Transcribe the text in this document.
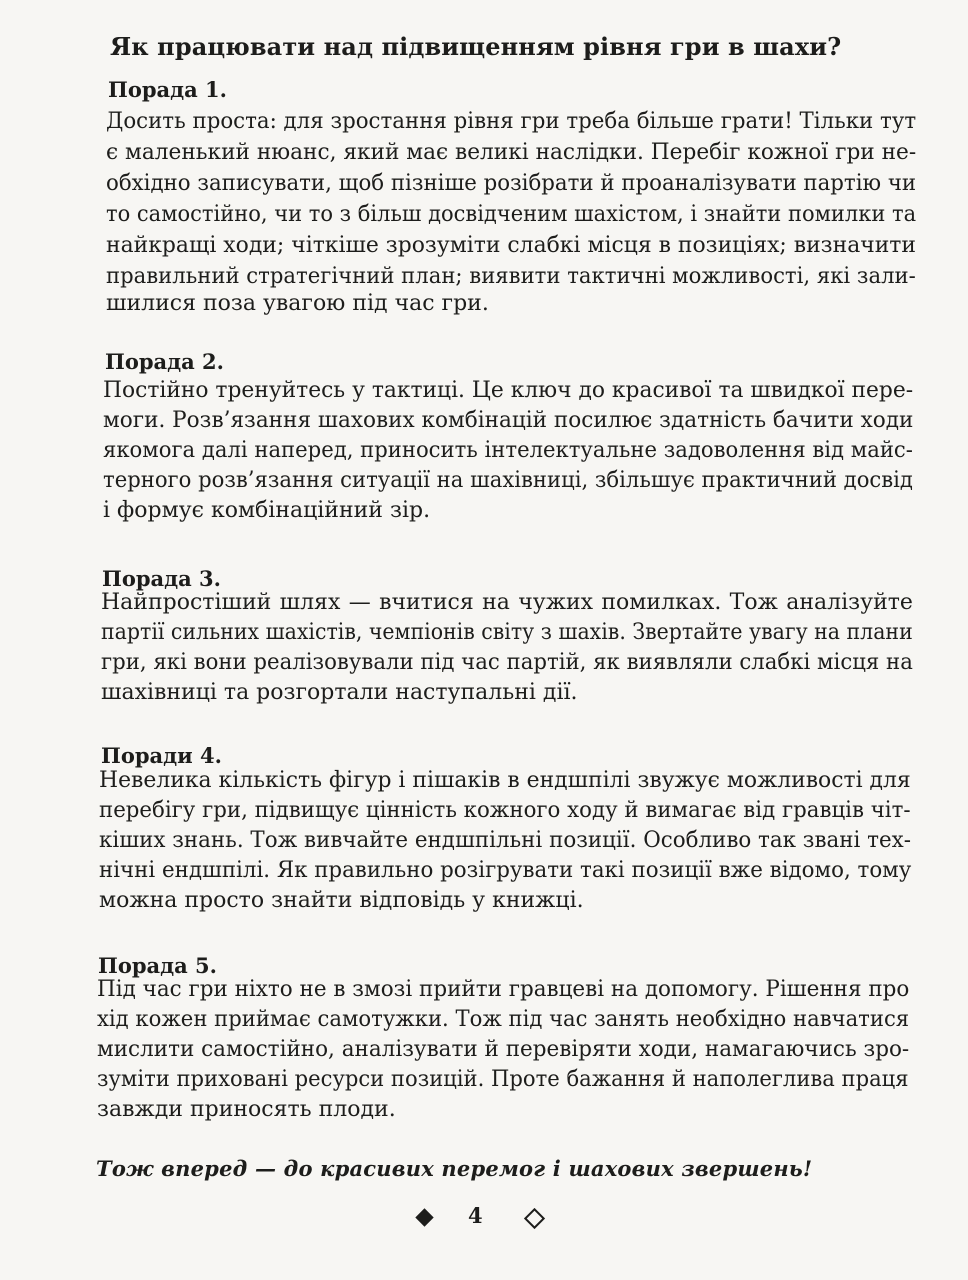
Як працювати над підвищенням рівня гри в шахи?
Порада 1.
Досить проста: для зростання рівня гри треба більше грати! Тільки тут
є маленький нюанс, який має великі наслідки. Перебіг кожної гри не-
обхідно записувати, щоб пізніше розібрати й проаналізувати партію чи
то самостійно, чи то з більш досвідченим шахістом, і знайти помилки та
найкращі ходи; чіткіше зрозуміти слабкі місця в позиціях; визначити
правильний стратегічний план; виявити тактичні можливості, які зали-
шилися поза увагою під час гри.
Порада 2.
Постійно тренуйтесь у тактиці. Це ключ до красивої та швидкої пере-
моги. Розв’язання шахових комбінацій посилює здатність бачити ходи
якомога далі наперед, приносить інтелектуальне задоволення від майс-
терного розв’язання ситуації на шахівниці, збільшує практичний досвід
і формує комбінаційний зір.
Порада 3.
Найпростіший шлях — вчитися на чужих помилках. Тож аналізуйте
партії сильних шахістів, чемпіонів світу з шахів. Звертайте увагу на плани
гри, які вони реалізовували під час партій, як виявляли слабкі місця на
шахівниці та розгортали наступальні дії.
Поради 4.
Невелика кількість фігур і пішаків в ендшпілі звужує можливості для
перебігу гри, підвищує цінність кожного ходу й вимагає від гравців чіт-
кіших знань. Тож вивчайте ендшпільні позиції. Особливо так звані тех-
нічні ендшпілі. Як правильно розігрувати такі позиції вже відомо, тому
можна просто знайти відповідь у книжці.
Порада 5.
Під час гри ніхто не в змозі прийти гравцеві на допомогу. Рішення про
хід кожен приймає самотужки. Тож під час занять необхідно навчатися
мислити самостійно, аналізувати й перевіряти ходи, намагаючись зро-
зуміти приховані ресурси позицій. Проте бажання й наполеглива праця
завжди приносять плоди.
Тож вперед — до красивих перемог і шахових звершень!
4
